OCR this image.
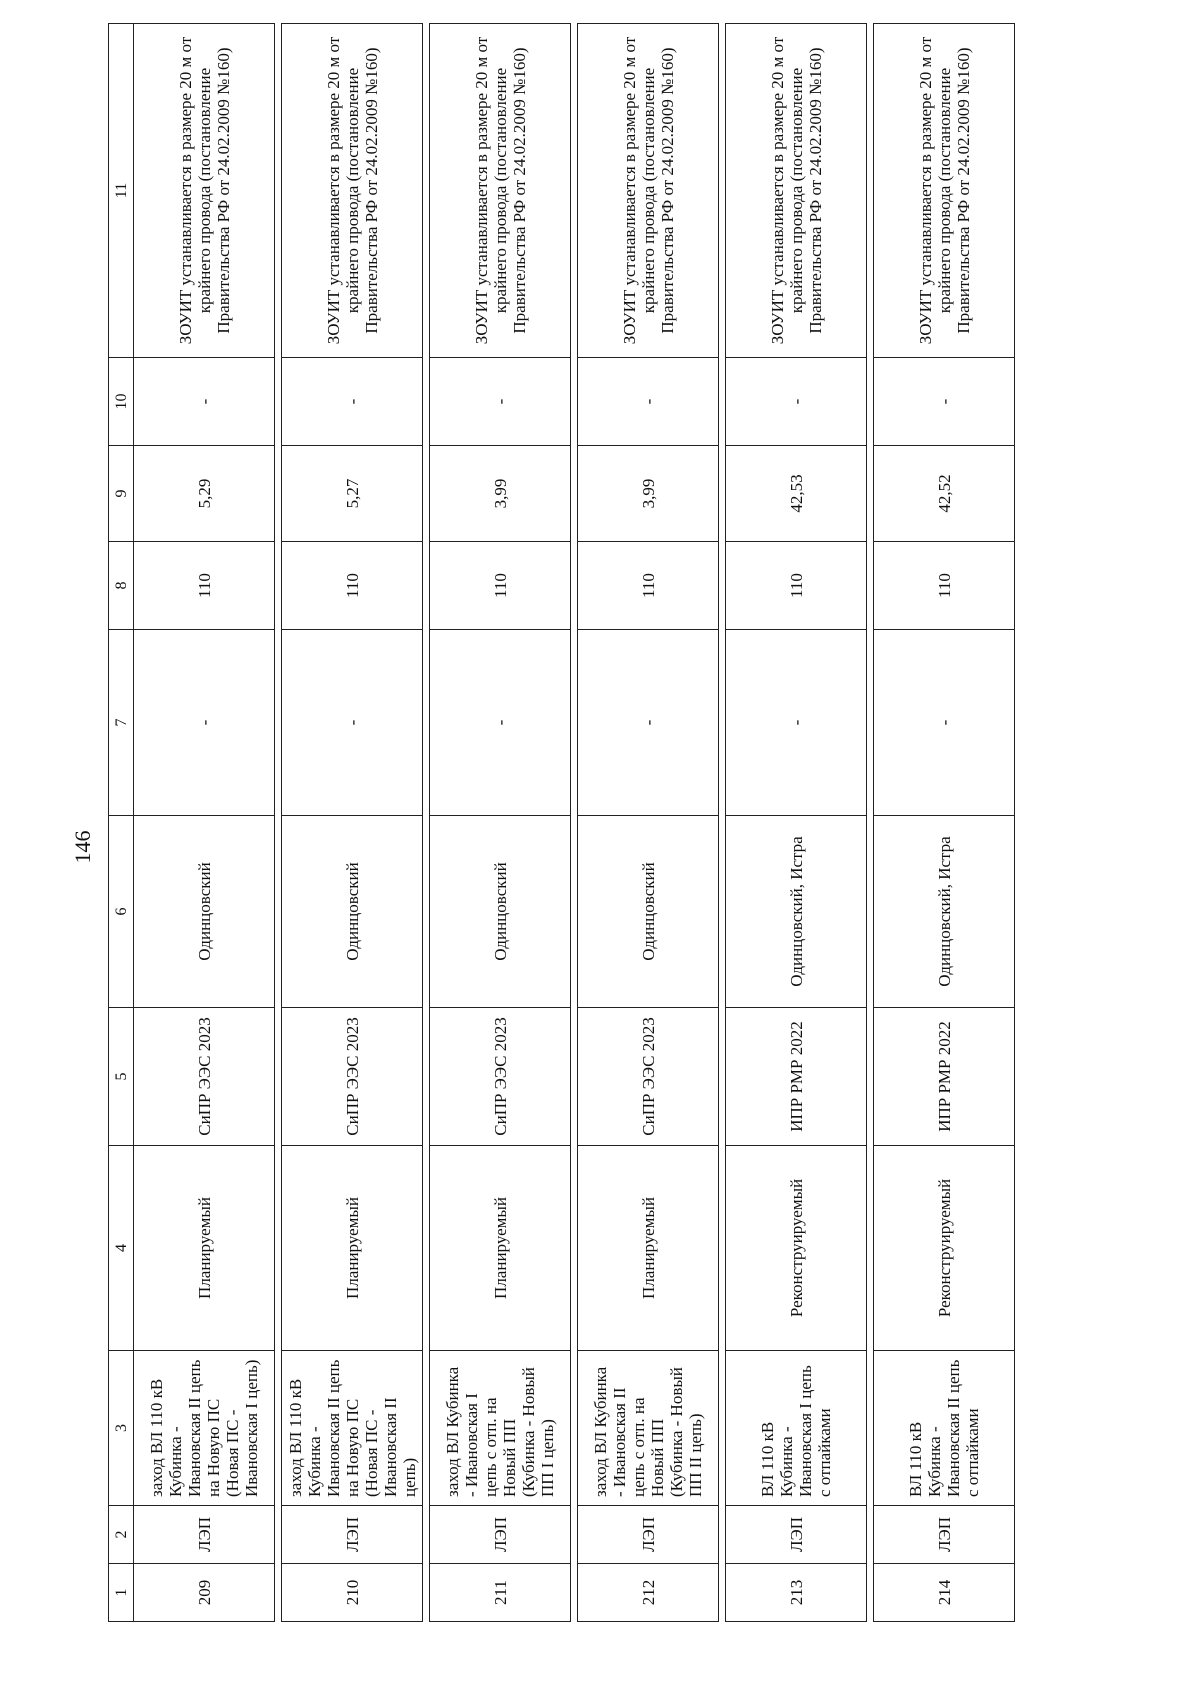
146
1	2	3	4	5	6	7	8	9	10	11
209	ЛЭП	заход ВЛ 110 кВ Кубинка - Ивановская II цепь на Новую ПС (Новая ПС - Ивановская I цепь)	Планируемый	СиПР ЭЭС 2023	Одинцовский	-	110	5,29	-	ЗОУИТ устанавливается в размере 20 м от крайнего провода (постановление Правительства РФ от 24.02.2009 №160)

210	ЛЭП	заход ВЛ 110 кВ Кубинка - Ивановская II цепь на Новую ПС (Новая ПС - Ивановская II цепь)	Планируемый	СиПР ЭЭС 2023	Одинцовский	-	110	5,27	-	ЗОУИТ устанавливается в размере 20 м от крайнего провода (постановление Правительства РФ от 24.02.2009 №160)

211	ЛЭП	заход ВЛ Кубинка - Ивановская I цепь с отп. на Новый ПП (Кубинка - Новый ПП I цепь)	Планируемый	СиПР ЭЭС 2023	Одинцовский	-	110	3,99	-	ЗОУИТ устанавливается в размере 20 м от крайнего провода (постановление Правительства РФ от 24.02.2009 №160)

212	ЛЭП	заход ВЛ Кубинка - Ивановская II цепь с отп. на Новый ПП (Кубинка - Новый ПП II цепь)	Планируемый	СиПР ЭЭС 2023	Одинцовский	-	110	3,99	-	ЗОУИТ устанавливается в размере 20 м от крайнего провода (постановление Правительства РФ от 24.02.2009 №160)

213	ЛЭП	ВЛ 110 кВ Кубинка - Ивановская I цепь с отпайками	Реконструируемый	ИПР РМР 2022	Одинцовский, Истра	-	110	42,53	-	ЗОУИТ устанавливается в размере 20 м от крайнего провода (постановление Правительства РФ от 24.02.2009 №160)

214	ЛЭП	ВЛ 110 кВ Кубинка - Ивановская II цепь с отпайками	Реконструируемый	ИПР РМР 2022	Одинцовский, Истра	-	110	42,52	-	ЗОУИТ устанавливается в размере 20 м от крайнего провода (постановление Правительства РФ от 24.02.2009 №160)
